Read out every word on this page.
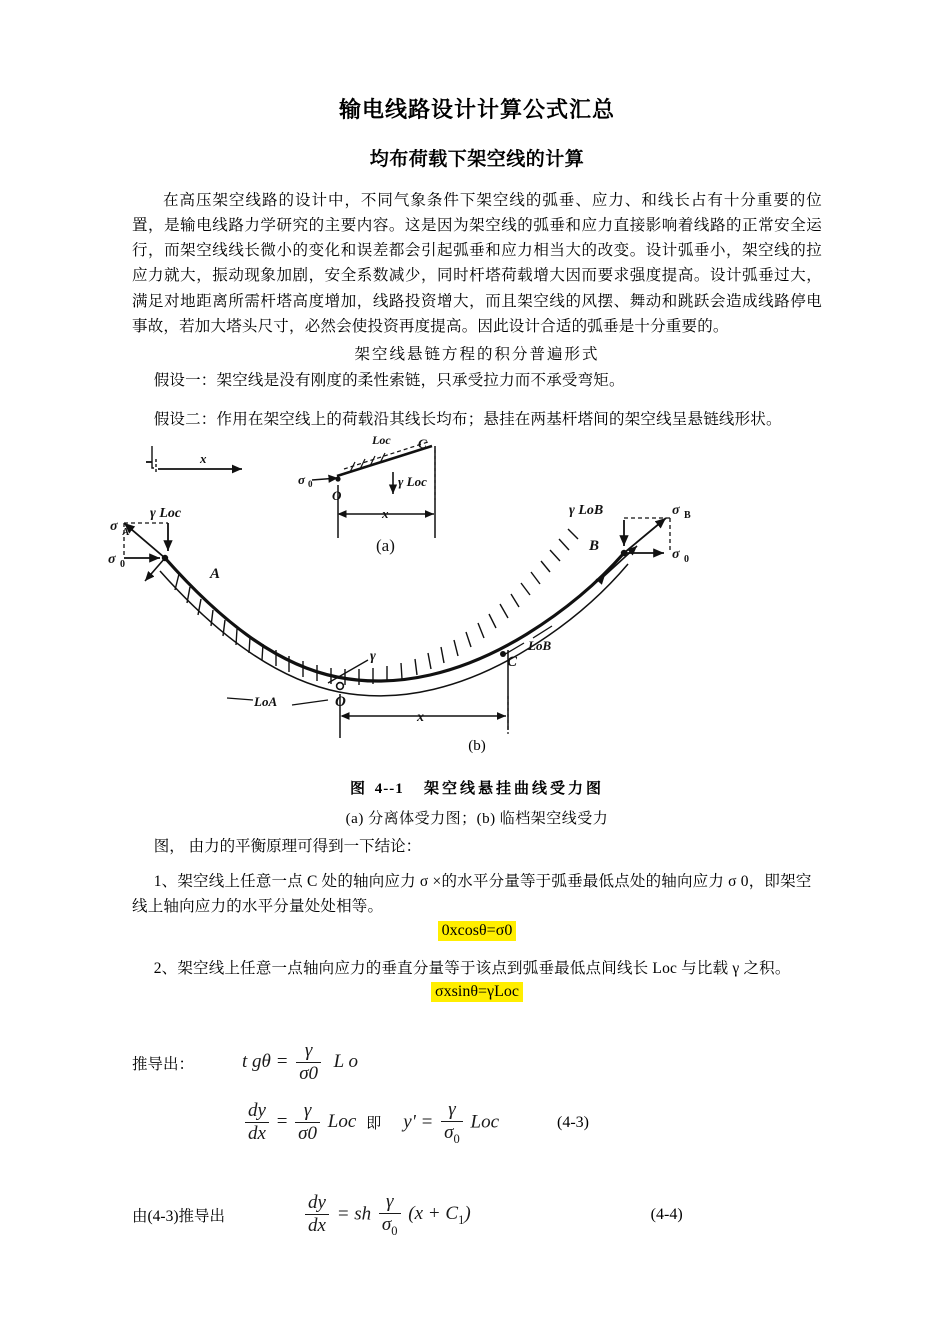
输电线路设计计算公式汇总
均布荷载下架空线的计算

在高压架空线路的设计中，不同气象条件下架空线的弧垂、应力、和线长占有十分重要的位置，是输电线路力学研究的主要内容。这是因为架空线的弧垂和应力直接影响着线路的正常安全运行，而架空线线长微小的变化和误差都会引起弧垂和应力相当大的改变。设计弧垂小，架空线的拉应力就大，振动现象加剧，安全系数减少，同时杆塔荷载增大因而要求强度提高。设计弧垂过大，满足对地距离所需杆塔高度增加，线路投资增大，而且架空线的风摆、舞动和跳跃会造成线路停电事故，若加大塔头尺寸，必然会使投资再度提高。因此设计合适的弧垂是十分重要的。

架空线悬链方程的积分普遍形式

假设一：架空线是没有刚度的柔性索链，只承受拉力而不承受弯矩。

假设二：作用在架空线上的荷载沿其线长均布；悬挂在两基杆塔间的架空线呈悬链线形状。

x
σ 0
O
γ Loc
x
C
Loc
(a)
σ A
σ 0
γ Loc
A
γ LoB	σ B
σ 0
B
γ
LoA
LoB
C
O
x
(b)
图 4--1 架空线悬挂曲线受力图
(a) 分离体受力图；(b) 临档架空线受力

图， 由力的平衡原理可得到一下结论：

1、架空线上任意一点 C 处的轴向应力 σ ×的水平分量等于弧垂最低点处的轴向应力 σ 0，即架空线上轴向应力的水平分量处处相等。

0xcosθ=σ0

2、架空线上任意一点轴向应力的垂直分量等于该点到弧垂最低点间线长 Loc 与比载 γ 之积。

σxsinθ=γLoc
推导出：	t $g\theta = \frac{\gamma}{\sigma 0}$ L o

$\frac{dy}{dx} = \frac{\gamma}{\sigma 0}$ Loc 即 $y' = \frac{\gamma}{\sigma_0}$ Loc	(4-3)
由(4-3)推导出	$\frac{dy}{dx}$ = sh $\frac{\gamma}{\sigma_0} (x + C_1)$	(4-4)
